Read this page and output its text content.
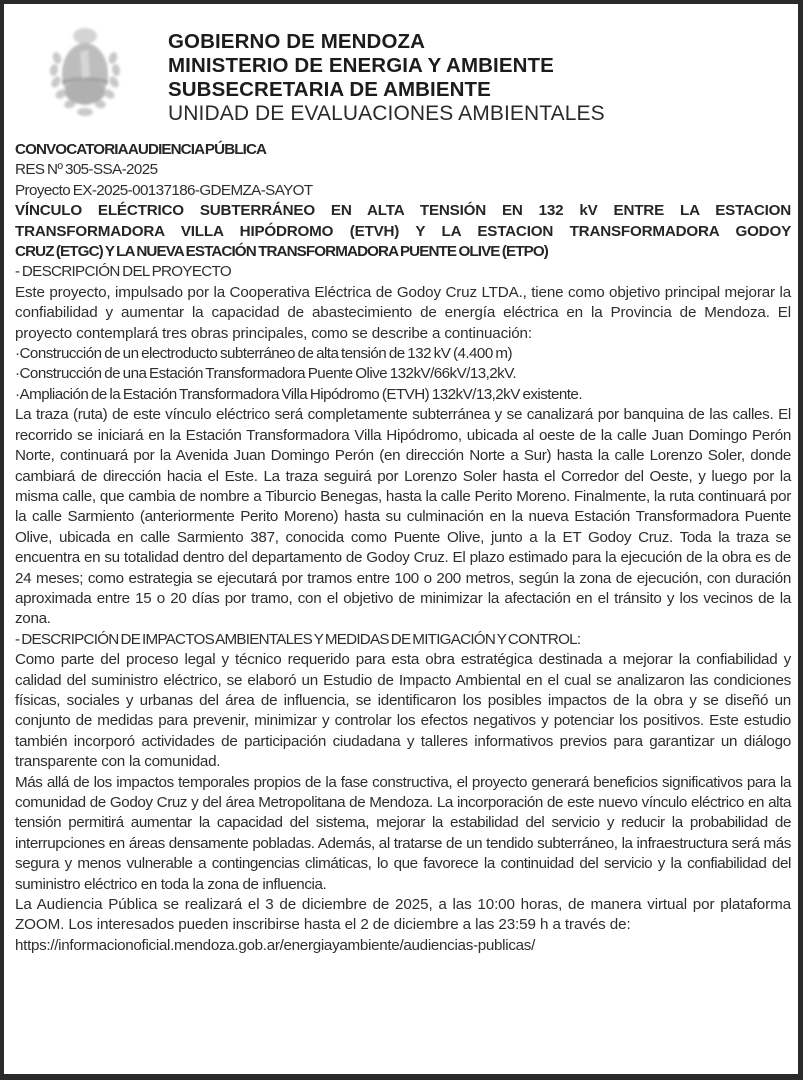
GOBIERNO DE MENDOZA
MINISTERIO DE ENERGIA Y AMBIENTE
SUBSECRETARIA DE AMBIENTE
UNIDAD DE EVALUACIONES AMBIENTALES

CONVOCATORIA AUDIENCIA PÚBLICA

RES Nº 305-SSA-2025

Proyecto EX-2025-00137186-GDEMZA-SAYOT

VÍNCULO ELÉCTRICO SUBTERRÁNEO EN ALTA TENSIÓN EN 132 kV ENTRE LA ESTACION

TRANSFORMADORA VILLA HIPÓDROMO (ETVH) Y LA ESTACION TRANSFORMADORA GODOY

CRUZ (ETGC) Y LA NUEVA ESTACIÓN TRANSFORMADORA PUENTE OLIVE (ETPO)

- DESCRIPCIÓN DEL PROYECTO

Este proyecto, impulsado por la Cooperativa Eléctrica de Godoy Cruz LTDA., tiene como objetivo principal mejorar la confiabilidad y aumentar la capacidad de abastecimiento de energía eléctrica en la Provincia de Mendoza. El proyecto contemplará tres obras principales, como se describe a continuación:

·Construcción de un electroducto subterráneo de alta tensión de 132 kV (4.400 m)

·Construcción de una Estación Transformadora Puente Olive 132kV/66kV/13,2kV.

·Ampliación de la Estación Transformadora Villa Hipódromo (ETVH) 132kV/13,2kV existente.

La traza (ruta) de este vínculo eléctrico será completamente subterránea y se canalizará por banquina de las calles. El recorrido se iniciará en la Estación Transformadora Villa Hipódromo, ubicada al oeste de la calle Juan Domingo Perón Norte, continuará por la Avenida Juan Domingo Perón (en dirección Norte a Sur) hasta la calle Lorenzo Soler, donde cambiará de dirección hacia el Este. La traza seguirá por Lorenzo Soler hasta el Corredor del Oeste, y luego por la misma calle, que cambia de nombre a Tiburcio Benegas, hasta la calle Perito Moreno. Finalmente, la ruta continuará por la calle Sarmiento (anteriormente Perito Moreno) hasta su culminación en la nueva Estación Transformadora Puente Olive, ubicada en calle Sarmiento 387, conocida como Puente Olive, junto a la ET Godoy Cruz. Toda la traza se encuentra en su totalidad dentro del departamento de Godoy Cruz. El plazo estimado para la ejecución de la obra es de 24 meses; como estrategia se ejecutará por tramos entre 100 o 200 metros, según la zona de ejecución, con duración aproximada entre 15 o 20 días por tramo, con el objetivo de minimizar la afectación en el tránsito y los vecinos de la zona.

- DESCRIPCIÓN DE IMPACTOS AMBIENTALES Y MEDIDAS DE MITIGACIÓN Y CONTROL:

Como parte del proceso legal y técnico requerido para esta obra estratégica destinada a mejorar la confiabilidad y calidad del suministro eléctrico, se elaboró un Estudio de Impacto Ambiental en el cual se analizaron las condiciones físicas, sociales y urbanas del área de influencia, se identificaron los posibles impactos de la obra y se diseñó un conjunto de medidas para prevenir, minimizar y controlar los efectos negativos y potenciar los positivos. Este estudio también incorporó actividades de participación ciudadana y talleres informativos previos para garantizar un diálogo transparente con la comunidad.

Más allá de los impactos temporales propios de la fase constructiva, el proyecto generará beneficios significativos para la comunidad de Godoy Cruz y del área Metropolitana de Mendoza. La incorporación de este nuevo vínculo eléctrico en alta tensión permitirá aumentar la capacidad del sistema, mejorar la estabilidad del servicio y reducir la probabilidad de interrupciones en áreas densamente pobladas. Además, al tratarse de un tendido subterráneo, la infraestructura será más segura y menos vulnerable a contingencias climáticas, lo que favorece la continuidad del servicio y la confiabilidad del suministro eléctrico en toda la zona de influencia.

La Audiencia Pública se realizará el 3 de diciembre de 2025, a las 10:00 horas, de manera virtual por plataforma ZOOM. Los interesados pueden inscribirse hasta el 2 de diciembre a las 23:59 h a través de:

https://informacionoficial.mendoza.gob.ar/energiayambiente/audiencias-publicas/
